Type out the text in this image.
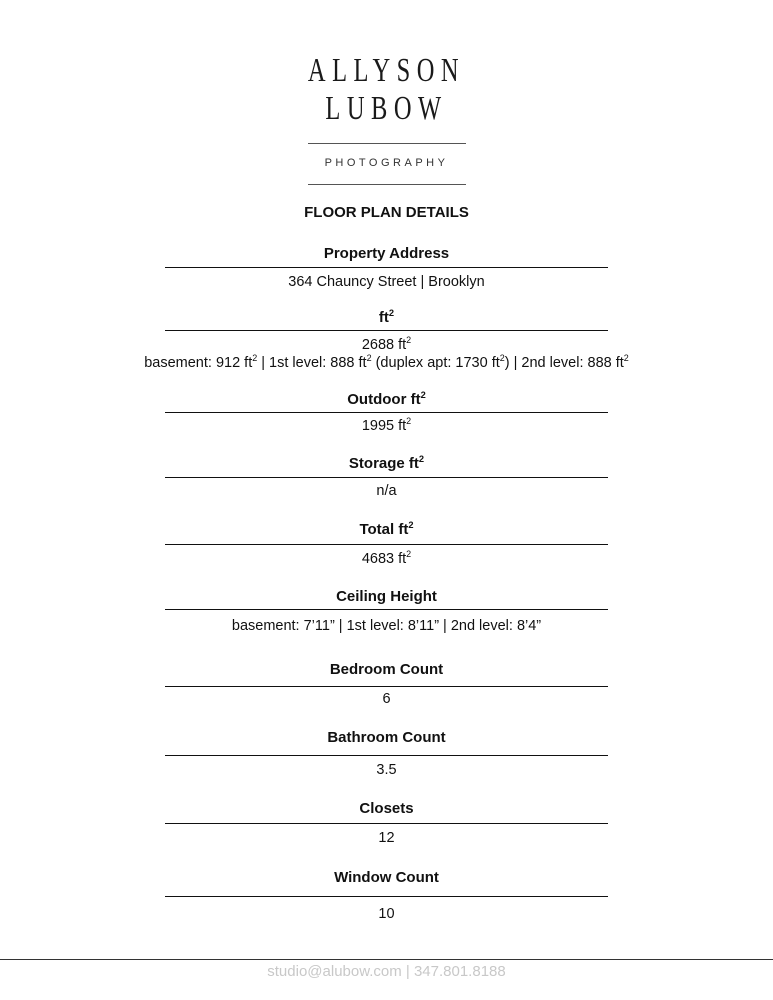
ALLYSON
LUBOW
PHOTOGRAPHY
FLOOR PLAN DETAILS
Property Address
364 Chauncy Street | Brooklyn
$ft^2$
2688 $ft^2$
basement: 912 $ft^2$ | 1st level: 888 $ft^2$ (duplex apt: 1730 $ft^2$) | 2nd level: 888 $ft^2$
Outdoor $ft^2$
1995 $ft^2$
Storage $ft^2$
n/a
Total $ft^2$
4683 $ft^2$
Ceiling Height
basement: 7’11” | 1st level: 8’11” | 2nd level: 8’4”
Bedroom Count
6
Bathroom Count
3.5
Closets
12
Window Count
10
studio@alubow.com | 347.801.8188
